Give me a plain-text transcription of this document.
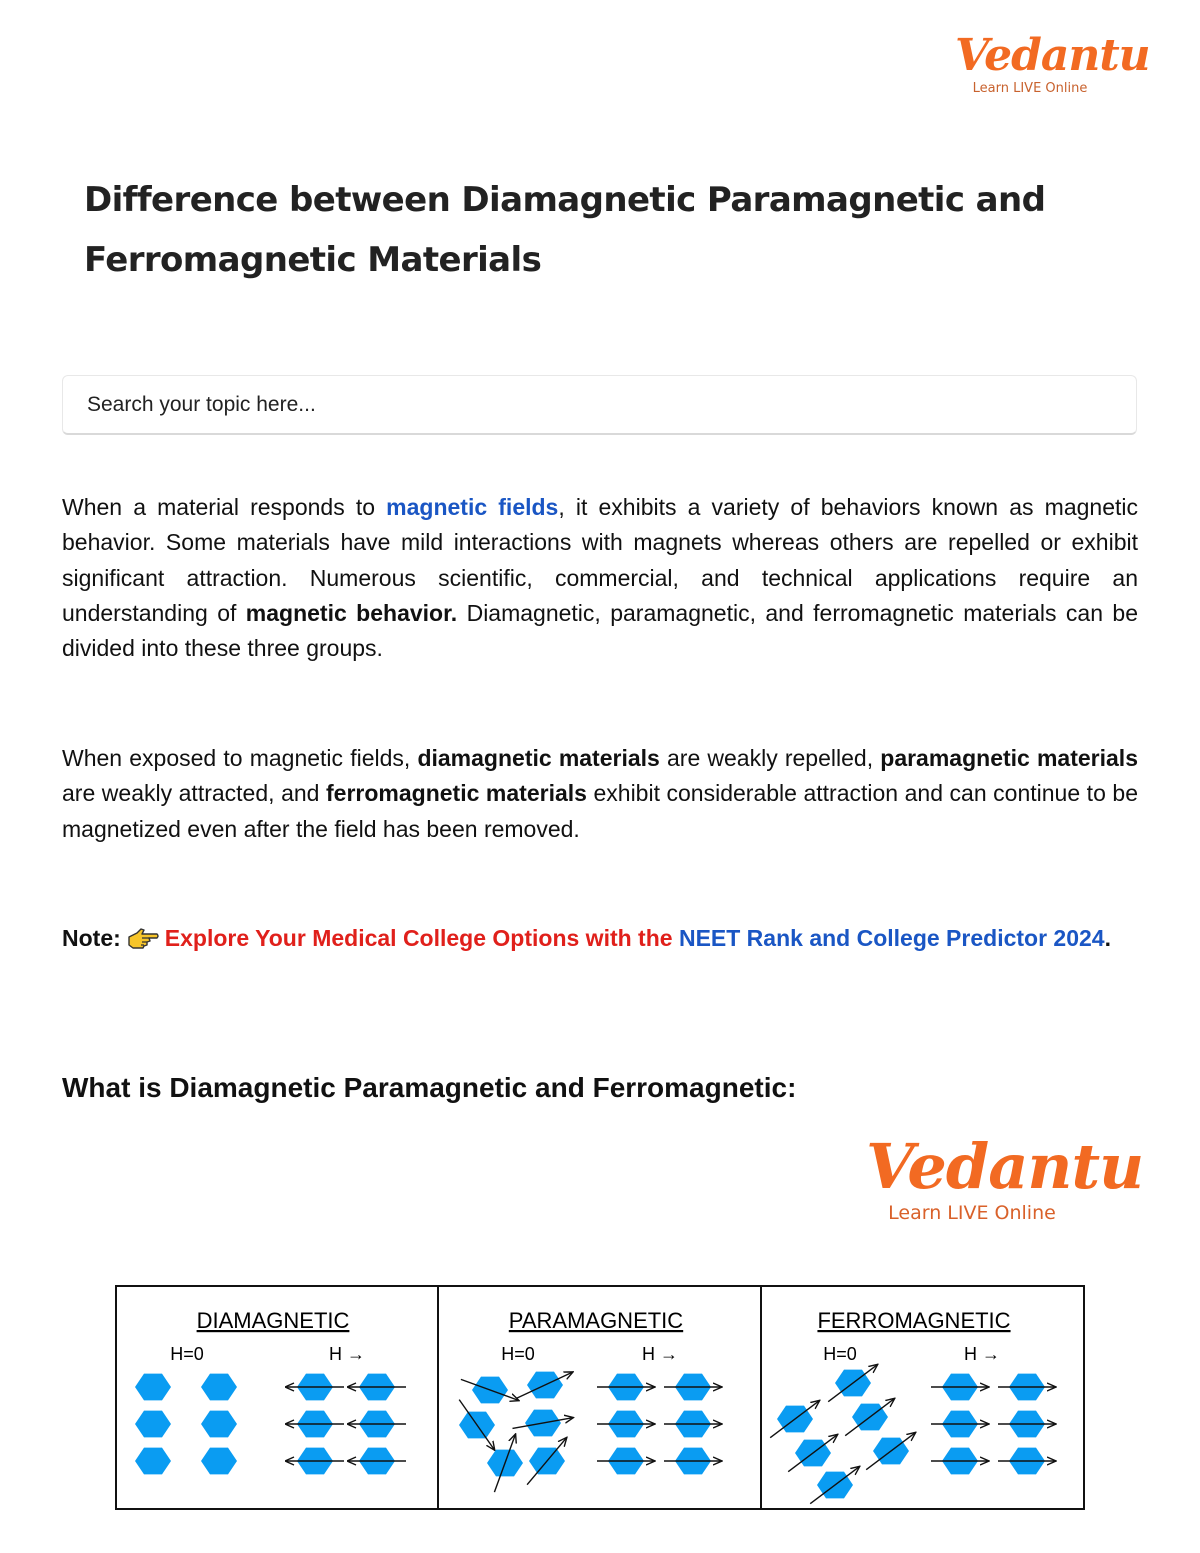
Vedantu
Learn LIVE Online
Difference between Diamagnetic Paramagnetic and Ferromagnetic Materials
Search your topic here...

When a material responds to magnetic fields, it exhibits a variety of behaviors known as magnetic behavior. Some materials have mild interactions with magnets whereas others are repelled or exhibit significant attraction. Numerous scientific, commercial, and technical applications require an understanding of magnetic behavior. Diamagnetic, paramagnetic, and ferromagnetic materials can be divided into these three groups.

When exposed to magnetic fields, diamagnetic materials are weakly repelled, paramagnetic materials are weakly attracted, and ferromagnetic materials exhibit considerable attraction and can continue to be magnetized even after the field has been removed.

Note: Explore Your Medical College Options with the NEET Rank and College Predictor 2024.

What is Diamagnetic Paramagnetic and Ferromagnetic:
Vedantu
Learn LIVE Online
DIAMAGNETIC
H=0	H →
PARAMAGNETIC
H=0	H →
FERROMAGNETIC
H=0	H →
